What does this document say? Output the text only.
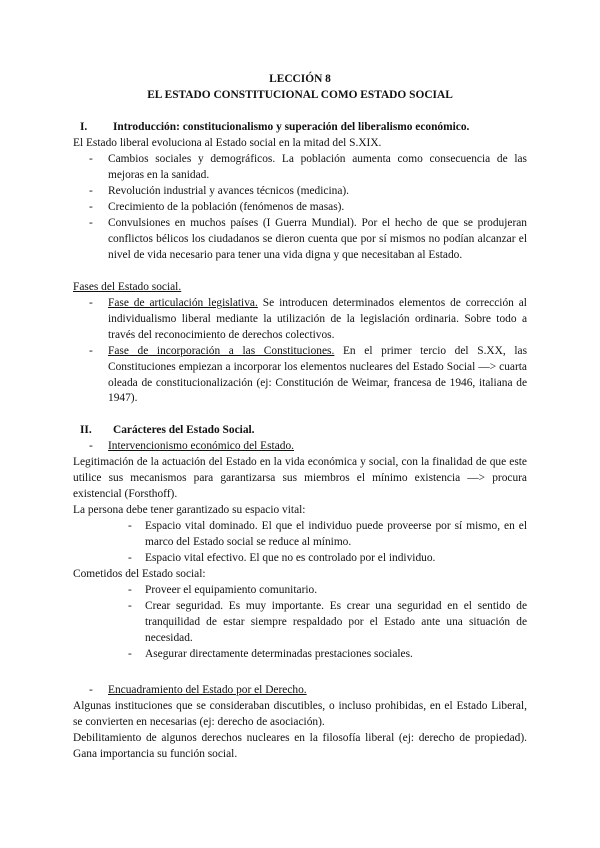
LECCIÓN 8
EL ESTADO CONSTITUCIONAL COMO ESTADO SOCIAL
I. Introducción: constitucionalismo y superación del liberalismo económico.
El Estado liberal evoluciona al Estado social en la mitad del S.XIX.
- Cambios sociales y demográficos. La población aumenta como consecuencia de las mejoras en la sanidad.
- Revolución industrial y avances técnicos (medicina).
- Crecimiento de la población (fenómenos de masas).
- Convulsiones en muchos países (I Guerra Mundial). Por el hecho de que se produjeran conflictos bélicos los ciudadanos se dieron cuenta que por sí mismos no podían alcanzar el nivel de vida necesario para tener una vida digna y que necesitaban al Estado.
Fases del Estado social.
- Fase de articulación legislativa. Se introducen determinados elementos de corrección al individualismo liberal mediante la utilización de la legislación ordinaria. Sobre todo a través del reconocimiento de derechos colectivos.
- Fase de incorporación a las Constituciones. En el primer tercio del S.XX, las Constituciones empiezan a incorporar los elementos nucleares del Estado Social —> cuarta oleada de constitucionalización (ej: Constitución de Weimar, francesa de 1946, italiana de 1947).
II. Carácteres del Estado Social.
- Intervencionismo económico del Estado.
Legitimación de la actuación del Estado en la vida económica y social, con la finalidad de que este utilice sus mecanismos para garantizarsa sus miembros el mínimo existencia —> procura existencial (Forsthoff).
La persona debe tener garantizado su espacio vital:
- Espacio vital dominado. El que el individuo puede proveerse por sí mismo, en el marco del Estado social se reduce al mínimo.
- Espacio vital efectivo. El que no es controlado por el individuo.
Cometidos del Estado social:
- Proveer el equipamiento comunitario.
- Crear seguridad. Es muy importante. Es crear una seguridad en el sentido de tranquilidad de estar siempre respaldado por el Estado ante una situación de necesidad.
- Asegurar directamente determinadas prestaciones sociales.
- Encuadramiento del Estado por el Derecho.
Algunas instituciones que se consideraban discutibles, o incluso prohibidas, en el Estado Liberal, se convierten en necesarias (ej: derecho de asociación).
Debilitamiento de algunos derechos nucleares en la filosofía liberal (ej: derecho de propiedad). Gana importancia su función social.
